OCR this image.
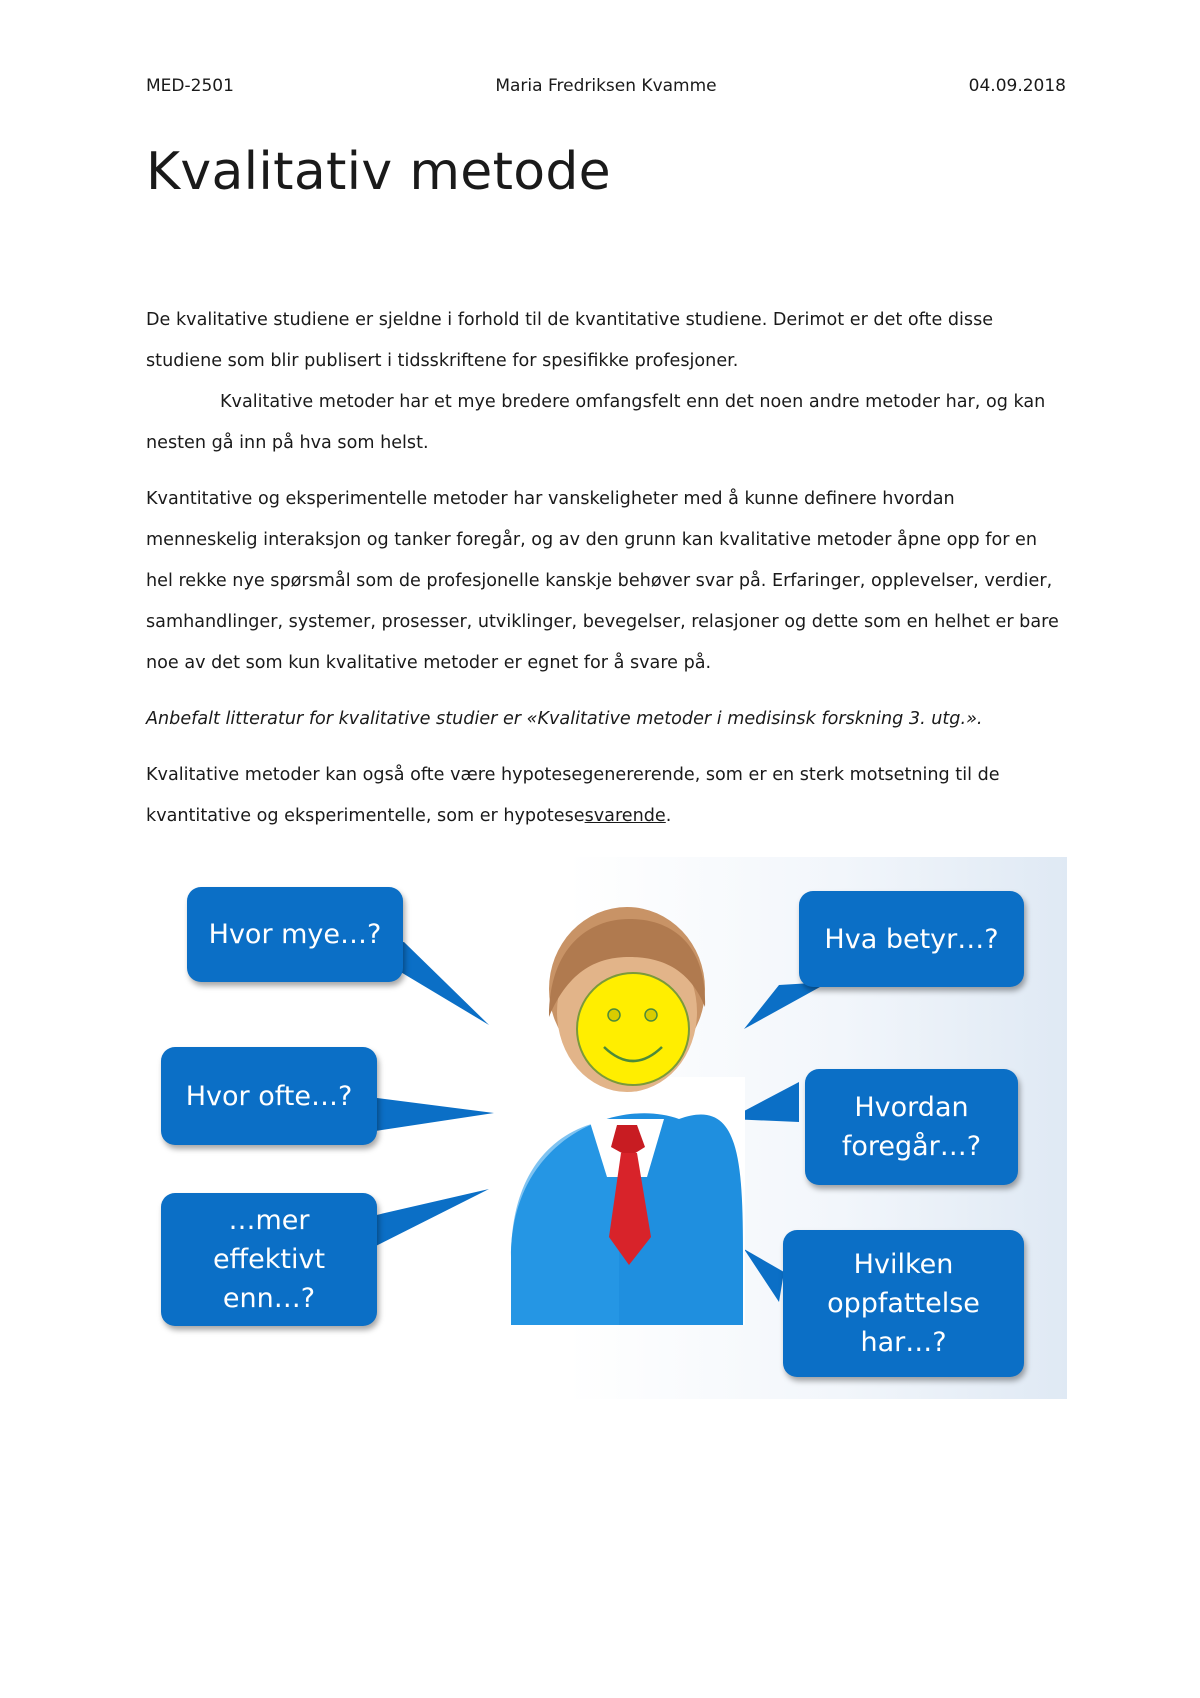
MED-2501	Maria Fredriksen Kvamme	04.09.2018
Kvalitativ metode

De kvalitative studiene er sjeldne i forhold til de kvantitative studiene. Derimot er det ofte disse studiene som blir publisert i tidsskriftene for spesifikke profesjoner.

Kvalitative metoder har et mye bredere omfangsfelt enn det noen andre metoder har, og kan nesten gå inn på hva som helst.

Kvantitative og eksperimentelle metoder har vanskeligheter med å kunne definere hvordan menneskelig interaksjon og tanker foregår, og av den grunn kan kvalitative metoder åpne opp for en hel rekke nye spørsmål som de profesjonelle kanskje behøver svar på. Erfaringer, opplevelser, verdier, samhandlinger, systemer, prosesser, utviklinger, bevegelser, relasjoner og dette som en helhet er bare noe av det som kun kvalitative metoder er egnet for å svare på.

Anbefalt litteratur for kvalitative studier er «Kvalitative metoder i medisinsk forskning 3. utg.».

Kvalitative metoder kan også ofte være hypotesegenererende, som er en sterk motsetning til de kvantitative og eksperimentelle, som er hypotesesvarende.

Hvor mye…?
Hvor ofte…?
…mer
effektivt
enn…?
Hva betyr…?
Hvordan
foregår…?
Hvilken
oppfattelse
har…?
